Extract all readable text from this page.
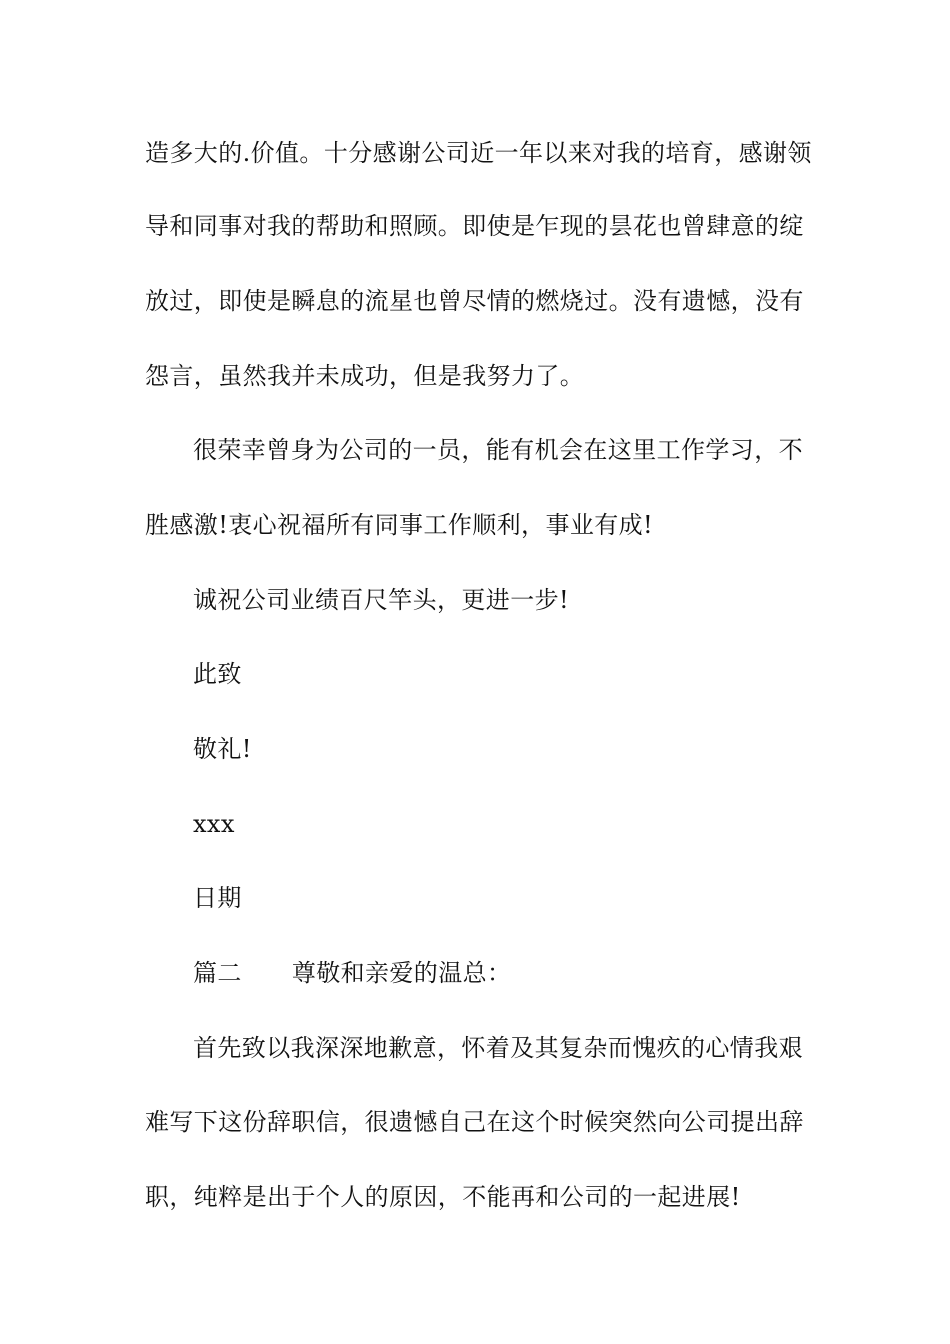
造多大的.价值。十分感谢公司近一年以来对我的培育，感谢领
导和同事对我的帮助和照顾。即使是乍现的昙花也曾肆意的绽
放过，即使是瞬息的流星也曾尽情的燃烧过。没有遗憾，没有
怨言，虽然我并未成功，但是我努力了。
很荣幸曾身为公司的一员，能有机会在这里工作学习，不
胜感激!衷心祝福所有同事工作顺利，事业有成!
诚祝公司业绩百尺竿头，更进一步!
此致
敬礼!
xxx
日期
篇二 尊敬和亲爱的温总：
首先致以我深深地歉意，怀着及其复杂而愧疚的心情我艰
难写下这份辞职信，很遗憾自己在这个时候突然向公司提出辞
职，纯粹是出于个人的原因，不能再和公司的一起进展!
